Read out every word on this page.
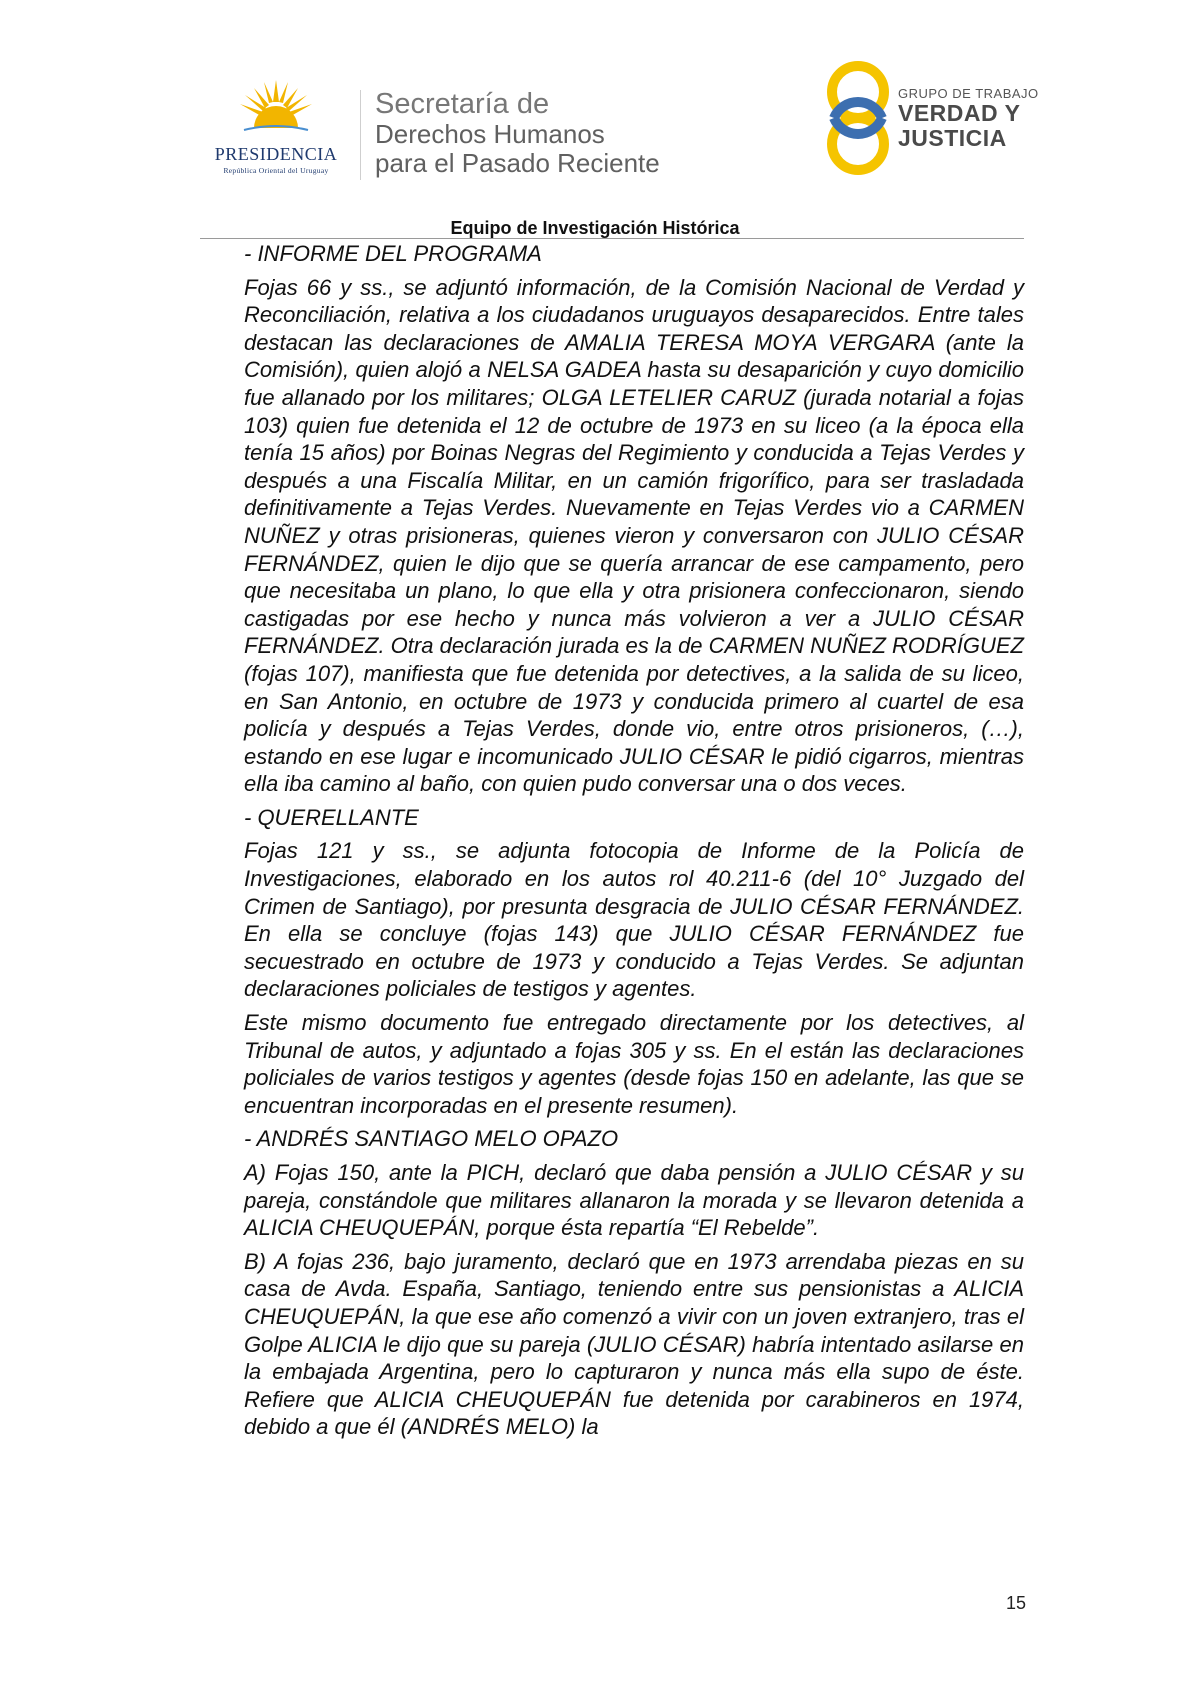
PRESIDENCIA
República Oriental del Uruguay
Secretaría de
Derechos Humanos
para el Pasado Reciente
GRUPO DE TRABAJO
VERDAD Y
JUSTICIA
Equipo de Investigación Histórica

- INFORME DEL PROGRAMA

Fojas 66 y ss., se adjuntó información, de la Comisión Nacional de Verdad y Reconciliación, relativa a los ciudadanos uruguayos desaparecidos. Entre tales destacan las declaraciones de AMALIA TERESA MOYA VERGARA (ante la Comisión), quien alojó a NELSA GADEA hasta su desaparición y cuyo domicilio fue allanado por los militares; OLGA LETELIER CARUZ (jurada notarial a fojas 103) quien fue detenida el 12 de octubre de 1973 en su liceo (a la época ella tenía 15 años) por Boinas Negras del Regimiento y conducida a Tejas Verdes y después a una Fiscalía Militar, en un camión frigorífico, para ser trasladada definitivamente a Tejas Verdes. Nuevamente en Tejas Verdes vio a CARMEN NUÑEZ y otras prisioneras, quienes vieron y conversaron con JULIO CÉSAR FERNÁNDEZ, quien le dijo que se quería arrancar de ese campamento, pero que necesitaba un plano, lo que ella y otra prisionera confeccionaron, siendo castigadas por ese hecho y nunca más volvieron a ver a JULIO CÉSAR FERNÁNDEZ. Otra declaración jurada es la de CARMEN NUÑEZ RODRÍGUEZ (fojas 107), manifiesta que fue detenida por detectives, a la salida de su liceo, en San Antonio, en octubre de 1973 y conducida primero al cuartel de esa policía y después a Tejas Verdes, donde vio, entre otros prisioneros, (…), estando en ese lugar e incomunicado JULIO CÉSAR le pidió cigarros, mientras ella iba camino al baño, con quien pudo conversar una o dos veces.

- QUERELLANTE

Fojas 121 y ss., se adjunta fotocopia de Informe de la Policía de Investigaciones, elaborado en los autos rol 40.211-6 (del 10° Juzgado del Crimen de Santiago), por presunta desgracia de JULIO CÉSAR FERNÁNDEZ. En ella se concluye (fojas 143) que JULIO CÉSAR FERNÁNDEZ fue secuestrado en octubre de 1973 y conducido a Tejas Verdes. Se adjuntan declaraciones policiales de testigos y agentes.

Este mismo documento fue entregado directamente por los detectives, al Tribunal de autos, y adjuntado a fojas 305 y ss. En el están las declaraciones policiales de varios testigos y agentes (desde fojas 150 en adelante, las que se encuentran incorporadas en el presente resumen).

- ANDRÉS SANTIAGO MELO OPAZO

A) Fojas 150, ante la PICH, declaró que daba pensión a JULIO CÉSAR y su pareja, constándole que militares allanaron la morada y se llevaron detenida a ALICIA CHEUQUEPÁN, porque ésta repartía “El Rebelde”.

B) A fojas 236, bajo juramento, declaró que en 1973 arrendaba piezas en su casa de Avda. España, Santiago, teniendo entre sus pensionistas a ALICIA CHEUQUEPÁN, la que ese año comenzó a vivir con un joven extranjero, tras el Golpe ALICIA le dijo que su pareja (JULIO CÉSAR) habría intentado asilarse en la embajada Argentina, pero lo capturaron y nunca más ella supo de éste. Refiere que ALICIA CHEUQUEPÁN fue detenida por carabineros en 1974, debido a que él (ANDRÉS MELO) la

15
